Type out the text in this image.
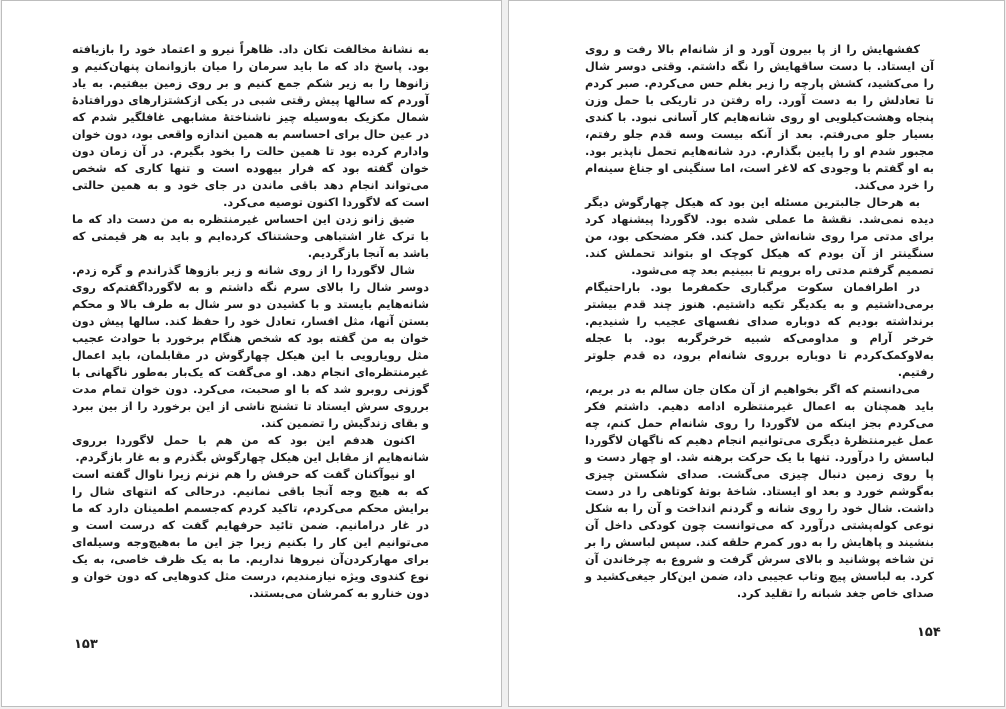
به نشانهٔ مخالفت تکان داد. ظاهراً نیرو و اعتماد خود را بازیافته بود. پاسخ داد که ما باید سرمان را میان بازوانمان پنهان‌کنیم و زانوها را به زیر شکم جمع کنیم و بر روی زمین بیفتیم. به یاد آوردم که سالها پیش رقتی شبی در یکی ازکشتزارهای دورافتادهٔ شمال مکزیک به‌وسیله چیز ناشناخته‌ٔ مشابهی غافلگیر شدم که در عین حال برای احساسم به همین اندازه واقعی بود، دون خوان وادارم کرده بود تا همین حالت را بخود بگیرم. در آن زمان دون خوان گفته بود که فرار بیهوده است و تنها کاری که شخص می‌تواند انجام دهد باقی ماندن در جای خود و به همین حالتی است که لاگوردا اکنون توصیه می‌کرد.

ضیق زانو زدن این احساس غیرمنتظره به من دست داد که ما با ترک غار اشتباهی وحشتناک کرده‌ایم و باید به هر قیمتی که باشد به آنجا بازگردیم.

شال لاگوردا را از روی شانه و زیر بازوها گذراندم و گره زدم. دوسر شال را بالای سرم نگه داشتم و به لاگورداگفتم‌که روی شانه‌هایم بایستد و با کشیدن دو سر شال به طرف بالا و محکم بستن آنها، مثل افسار، تعادل خود را حفظ کند. سالها پیش دون خوان به من گفته بود که شخص هنگام برخورد با حوادث عجیب مثل رویارویی با این هیکل چهارگوش در مقابلمان، باید اعمال غیرمنتظره‌ای انجام دهد. او می‌گفت که یک‌بار به‌طور ناگهانی با گوزنی روبرو شد که با او صحبت، می‌کرد. دون خوان تمام مدت برروی سرش ایستاد تا تشنج ناشی از این برخورد را از بین ببرد و بقای زندگیش را تضمین کند.

اکنون هدفم این بود که من هم با حمل لاگوردا برروی شانه‌هایم از مقابل این هیکل چهارگوش بگذرم و به غار بازگردم.

او نیوآکنان گفت که حرفش را هم نزنم زیرا ناوال گفته است که به هیچ وجه آنجا باقی نمانیم. درحالی که انتهای شال را برایش محکم می‌کردم، تاکید کردم که‌جسمم اطمینان دارد که ما در غار درامانیم. ضمن تائید حرفهایم گفت که درست است و می‌توانیم این کار را بکنیم زیرا جز این ما به‌هیچ‌وجه وسیله‌ای برای مهارکردن‌آن نیروها نداریم. ما به یک ظرف خاصی، به یک نوع کندوی ویژه نیازمندیم، درست مثل کدوهایی که دون خوان و دون خنارو به کمرشان می‌بستند.

۱۵۳

کفشهایش را از پا بیرون آورد و از شانه‌ام بالا رفت و روی آن ایستاد. با دست ساقهایش را نگه داشتم. وقتی دوسر شال را می‌کشید، کشش پارچه را زیر بغلم حس می‌کردم. صبر کردم تا تعادلش را به دست آورد. راه رفتن در تاریکی با حمل وزن پنجاه وهشت‌کیلویی او روی شانه‌هایم کار آسانی نبود. با کندی بسیار جلو می‌رفتم. بعد از آنکه بیست وسه قدم جلو رفتم، مجبور شدم او را پایین بگذارم. درد شانه‌هایم تحمل ناپذیر بود. به او گفتم با وجودی که لاغر است، اما سنگینی او جناغ سینه‌ام را خرد می‌کند.

به هرحال جالبترین مسئله این بود که هیکل چهارگوش دیگر دیده نمی‌شد. نقشهٔ ما عملی شده بود. لاگوردا پیشنهاد کرد برای مدتی مرا روی شانه‌اش حمل کند. فکر مضحکی بود، من سنگینتر از آن بودم که هیکل کوچک او بتواند تحملش کند. تصمیم گرفتم مدتی راه برویم تا ببینیم بعد چه می‌شود.

در اطرافمان سکوت مرگباری حکمفرما بود. باراحتیگام برمی‌داشتیم و به یکدیگر تکیه داشتیم. هنوز چند قدم بیشتر برنداشته بودیم که دوباره صدای نفسهای عجیب را شنیدیم. خرخر آرام و مداومی‌که شبیه خرخرگربه بود. با عجله به‌لاوکمک‌کردم تا دوباره برروی شانه‌ام برود، ده قدم جلوتر رفتیم.

می‌دانستم که اگر بخواهیم از آن مکان جان سالم به در بریم، باید همچنان به اعمال غیرمنتظره ادامه دهیم. داشتم فکر می‌کردم بجز اینکه من لاگوردا را روی شانه‌ام حمل کنم، چه عمل غیرمنتظرهٔ دیگری می‌توانیم انجام دهیم که ناگهان لاگوردا لباسش را درآورد. تنها با یک حرکت برهنه شد. او چهار دست و پا روی زمین دنبال چیزی می‌گشت. صدای شکستن چیزی به‌گوشم خورد و بعد او ایستاد. شاخهٔ بوتهٔ کوتاهی را در دست داشت. شال خود را روی شانه و گردنم انداخت و آن را به شکل نوعی کوله‌پشتی درآورد که می‌توانست چون کودکی داخل آن بنشیند و پاهایش را به دور کمرم حلقه کند. سپس لباسش را بر تن شاخه پوشانید و بالای سرش گرفت و شروع به چرخاندن آن کرد. به لباسش پیچ وتاب عجیبی داد، ضمن این‌کار جیغی‌کشید و صدای خاص جغد شبانه را تقلید کرد.

۱۵۴
